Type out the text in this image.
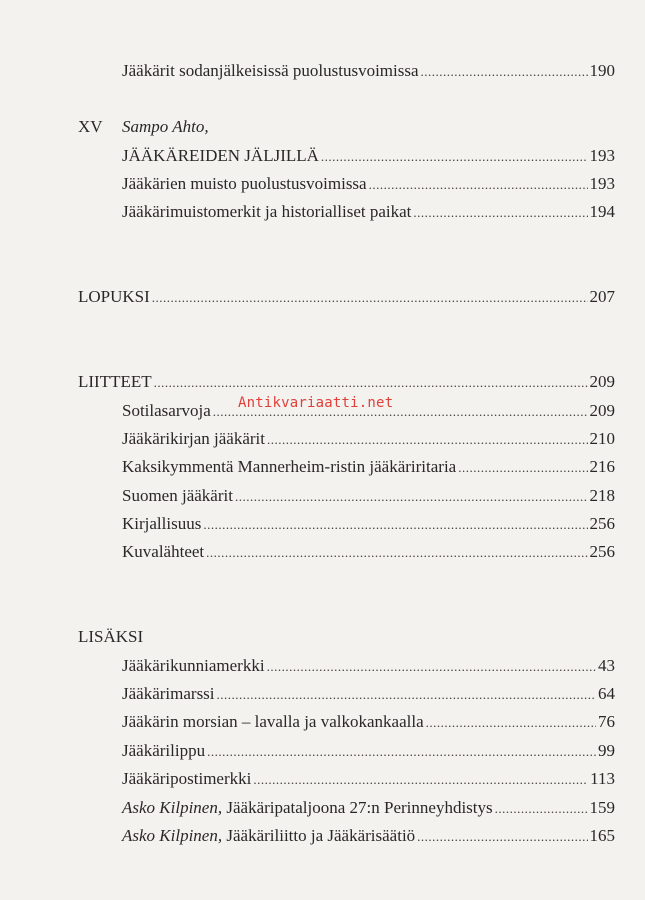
Jääkärit sodanjälkeisissä puolustusvoimissa .....	190
XV	Sampo Ahto,
JÄÄKÄREIDEN JÄLJILLÄ .....	193
Jääkärien muisto puolustusvoimissa .....	193
Jääkärimuistomerkit ja historialliset paikat .....	194
LOPUKSI .....	207
LIITTEET .....	209
Sotilasarvoja .....	209
Jääkärikirjan jääkärit .....	210
Kaksikymmentä Mannerheim-ristin jääkäriritaria .....	216
Suomen jääkärit .....	218
Kirjallisuus .....	256
Kuvalähteet .....	256
LISÄKSI
Jääkärikunniamerkki .....	43
Jääkärimarssi .....	64
Jääkärin morsian – lavalla ja valkokankaalla .....	76
Jääkärilippu .....	99
Jääkäripostimerkki .....	113
Asko Kilpinen, Jääkäripataljoona 27:n Perinneyhdistys .....	159
Asko Kilpinen, Jääkäriliitto ja Jääkärisäätiö .....	165
Antikvariaatti.net
